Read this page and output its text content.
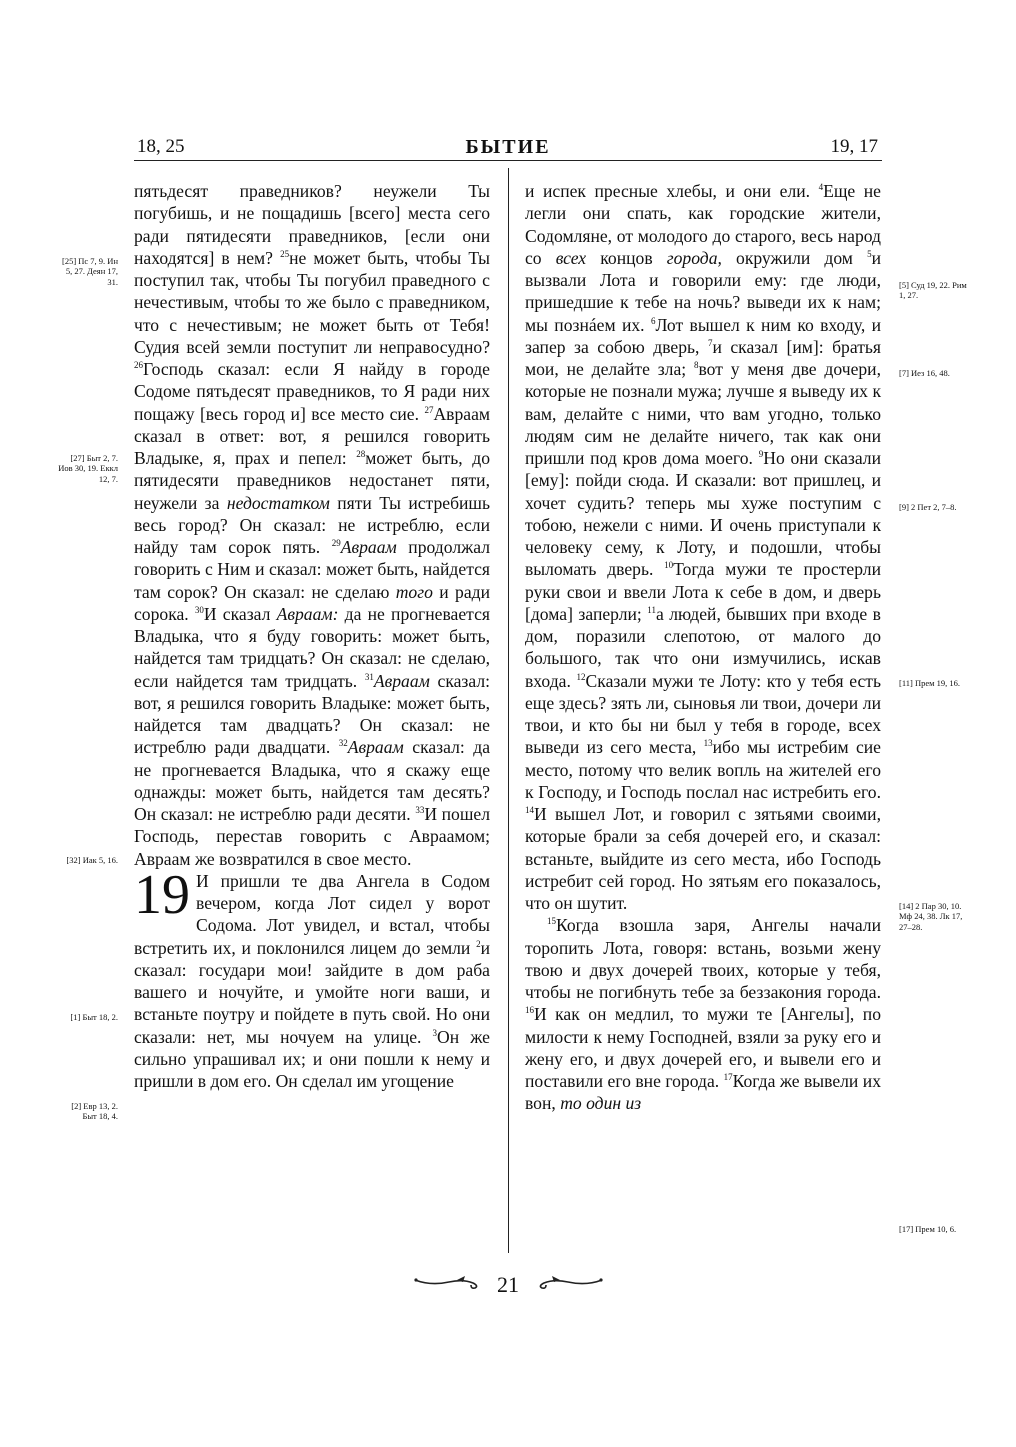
18, 25	БЫТИЕ	19, 17

пятьдесят праведников? неужели Ты погубишь, и не пощадишь [всего] места сего ради пятидесяти праведников, [если они находятся] в нем? $^{25}$не может быть, чтобы Ты поступил так, чтобы Ты погубил праведного с нечестивым, чтобы то же было с праведником, что с нечестивым; не может быть от Тебя! Судия всей земли поступит ли неправосудно? $^{26}$Господь сказал: если Я найду в городе Содоме пятьдесят праведников, то Я ради них пощажу [весь город и] все место сие. $^{27}$Авраам сказал в ответ: вот, я решился говорить Владыке, я, прах и пепел: $^{28}$может быть, до пятидесяти праведников недостанет пяти, неужели за недостатком пяти Ты истребишь весь город? Он сказал: не истреблю, если найду там сорок пять. $^{29}$Авраам продолжал говорить с Ним и сказал: может быть, найдется там сорок? Он сказал: не сделаю того и ради сорока. $^{30}$И сказал Авраам: да не прогневается Владыка, что я буду говорить: может быть, найдется там тридцать? Он сказал: не сделаю, если найдется там тридцать. $^{31}$Авраам сказал: вот, я решился говорить Владыке: может быть, найдется там двадцать? Он сказал: не истреблю ради двадцати. $^{32}$Авраам сказал: да не прогневается Владыка, что я скажу еще однажды: может быть, найдется там десять? Он сказал: не истреблю ради десяти. $^{33}$И пошел Господь, перестав говорить с Авраамом; Авраам же возвратился в свое место.

19 И пришли те два Ангела в Содом вечером, когда Лот сидел у ворот Содома. Лот увидел, и встал, чтобы встретить их, и поклонился лицем до земли $^2$и сказал: государи мои! зайдите в дом раба вашего и ночуйте, и умойте ноги ваши, и встаньте поутру и пойдете в путь свой. Но они сказали: нет, мы ночуем на улице. $^3$Он же сильно упрашивал их; и они пошли к нему и пришли в дом его. Он сделал им угощение

и испек пресные хлебы, и они ели. $^4$Еще не легли они спать, как городские жители, Содомляне, от молодого до старого, весь народ со всех концов города, окружили дом $^5$и вызвали Лота и говорили ему: где люди, пришедшие к тебе на ночь? выведи их к нам; мы познáем их. $^6$Лот вышел к ним ко входу, и запер за собою дверь, $^7$и сказал [им]: братья мои, не делайте зла; $^8$вот у меня две дочери, которые не познали мужа; лучше я выведу их к вам, делайте с ними, что вам угодно, только людям сим не делайте ничего, так как они пришли под кров дома моего. $^9$Но они сказали [ему]: пойди сюда. И сказали: вот пришлец, и хочет судить? теперь мы хуже поступим с тобою, нежели с ними. И очень приступали к человеку сему, к Лоту, и подошли, чтобы выломать дверь. $^{10}$Тогда мужи те простерли руки свои и ввели Лота к себе в дом, и дверь [дома] заперли; $^{11}$а людей, бывших при входе в дом, поразили слепотою, от малого до большого, так что они измучились, искав входа. $^{12}$Сказали мужи те Лоту: кто у тебя есть еще здесь? зять ли, сыновья ли твои, дочери ли твои, и кто бы ни был у тебя в городе, всех выведи из сего места, $^{13}$ибо мы истребим сие место, потому что велик вопль на жителей его к Господу, и Господь послал нас истребить его. $^{14}$И вышел Лот, и говорил с зятьями своими, которые брали за себя дочерей его, и сказал: встаньте, выйдите из сего места, ибо Господь истребит сей город. Но зятьям его показалось, что он шутит.

$^{15}$Когда взошла заря, Ангелы начали торопить Лота, говоря: встань, возьми жену твою и двух дочерей твоих, которые у тебя, чтобы не погибнуть тебе за беззакония города. $^{16}$И как он медлил, то мужи те [Ангелы], по милости к нему Господней, взяли за руку его и жену его, и двух дочерей его, и вывели его и поставили его вне города. $^{17}$Когда же вывели их вон, то один из

[25] Пс 7, 9. Ин 5, 27. Деян 17, 31.
[27] Быт 2, 7. Иов 30, 19. Еккл 12, 7.
[32] Иак 5, 16.
[1] Быт 18, 2.
[2] Евр 13, 2. Быт 18, 4.
[5] Суд 19, 22. Рим 1, 27.
[7] Иез 16, 48.
[9] 2 Пет 2, 7–8.
[11] Прем 19, 16.
[14] 2 Пар 30, 10. Мф 24, 38. Лк 17, 27–28.
[17] Прем 10, 6.
21
